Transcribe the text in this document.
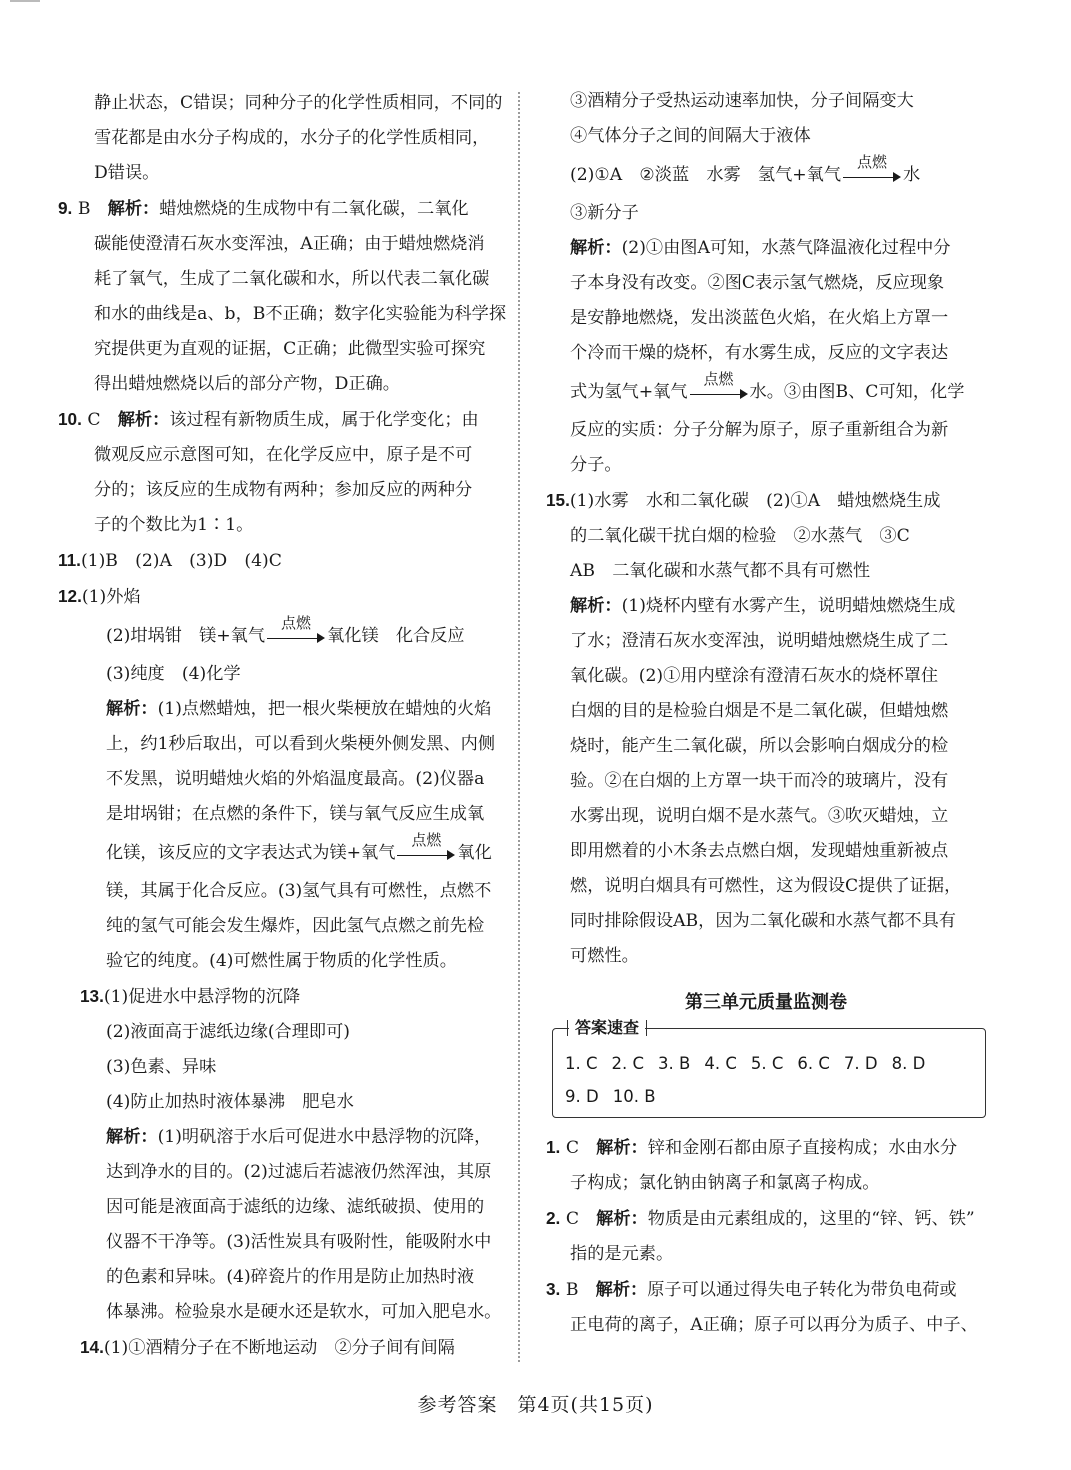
静止状态，C错误；同种分子的化学性质相同，不同的

雪花都是由水分子构成的，水分子的化学性质相同，

D错误。

9. B　 解析：蜡烛燃烧的生成物中有二氧化碳，二氧化

碳能使澄清石灰水变浑浊，A正确；由于蜡烛燃烧消

耗了氧气，生成了二氧化碳和水，所以代表二氧化碳

和水的曲线是a、b，B不正确；数字化实验能为科学探

究提供更为直观的证据，C正确；此微型实验可探究

得出蜡烛燃烧以后的部分产物，D正确。

10. C　 解析：该过程有新物质生成，属于化学变化；由

微观反应示意图可知，在化学反应中，原子是不可

分的；该反应的生成物有两种；参加反应的两种分

子的个数比为1∶1。

11.(1)B　(2)A　(3)D　(4)C

12.(1)外焰

(2)坩埚钳　镁+氧气
点燃
氧化镁　化合反应

(3)纯度　(4)化学

解析：(1)点燃蜡烛，把一根火柴梗放在蜡烛的火焰

上，约1秒后取出，可以看到火柴梗外侧发黑、内侧

不发黑，说明蜡烛火焰的外焰温度最高。(2)仪器a

是坩埚钳；在点燃的条件下，镁与氧气反应生成氧

化镁，该反应的文字表达式为镁+氧气
点燃
氧化

镁，其属于化合反应。(3)氢气具有可燃性，点燃不

纯的氢气可能会发生爆炸，因此氢气点燃之前先检

验它的纯度。(4)可燃性属于物质的化学性质。

13.(1)促进水中悬浮物的沉降

(2)液面高于滤纸边缘(合理即可)

(3)色素、异味

(4)防止加热时液体暴沸　肥皂水

解析：(1)明矾溶于水后可促进水中悬浮物的沉降，

达到净水的目的。(2)过滤后若滤液仍然浑浊，其原

因可能是液面高于滤纸的边缘、滤纸破损、使用的

仪器不干净等。(3)活性炭具有吸附性，能吸附水中

的色素和异味。(4)碎瓷片的作用是防止加热时液

体暴沸。检验泉水是硬水还是软水，可加入肥皂水。

14.(1)①酒精分子在不断地运动　②分子间有间隔

③酒精分子受热运动速率加快，分子间隔变大

④气体分子之间的间隔大于液体

(2)①A　②淡蓝　水雾　氢气+氧气
点燃
水

③新分子

解析：(2)①由图A可知，水蒸气降温液化过程中分

子本身没有改变。②图C表示氢气燃烧，反应现象

是安静地燃烧，发出淡蓝色火焰，在火焰上方罩一

个冷而干燥的烧杯，有水雾生成，反应的文字表达

式为氢气+氧气
点燃
水。③由图B、C可知，化学

反应的实质：分子分解为原子，原子重新组合为新

分子。

15.(1)水雾　水和二氧化碳　(2)①A　蜡烛燃烧生成

的二氧化碳干扰白烟的检验　②水蒸气　③C

AB　二氧化碳和水蒸气都不具有可燃性

解析：(1)烧杯内壁有水雾产生，说明蜡烛燃烧生成

了水；澄清石灰水变浑浊，说明蜡烛燃烧生成了二

氧化碳。(2)①用内壁涂有澄清石灰水的烧杯罩住

白烟的目的是检验白烟是不是二氧化碳，但蜡烛燃

烧时，能产生二氧化碳，所以会影响白烟成分的检

验。②在白烟的上方罩一块干而冷的玻璃片，没有

水雾出现，说明白烟不是水蒸气。③吹灭蜡烛，立

即用燃着的小木条去点燃白烟，发现蜡烛重新被点

燃，说明白烟具有可燃性，这为假设C提供了证据，

同时排除假设AB，因为二氧化碳和水蒸气都不具有

可燃性。

第三单元质量监测卷
答案速查
1. C 2. C 3. B 4. C 5. C 6. C 7. D 8. D
9. D 10. B

1. C　 解析：锌和金刚石都由原子直接构成；水由水分

子构成；氯化钠由钠离子和氯离子构成。

2. C　 解析：物质是由元素组成的，这里的“锌、钙、铁”

指的是元素。

3. B　 解析：原子可以通过得失电子转化为带负电荷或

正电荷的离子，A正确；原子可以再分为质子、中子、

参考答案　第4页(共15页)
